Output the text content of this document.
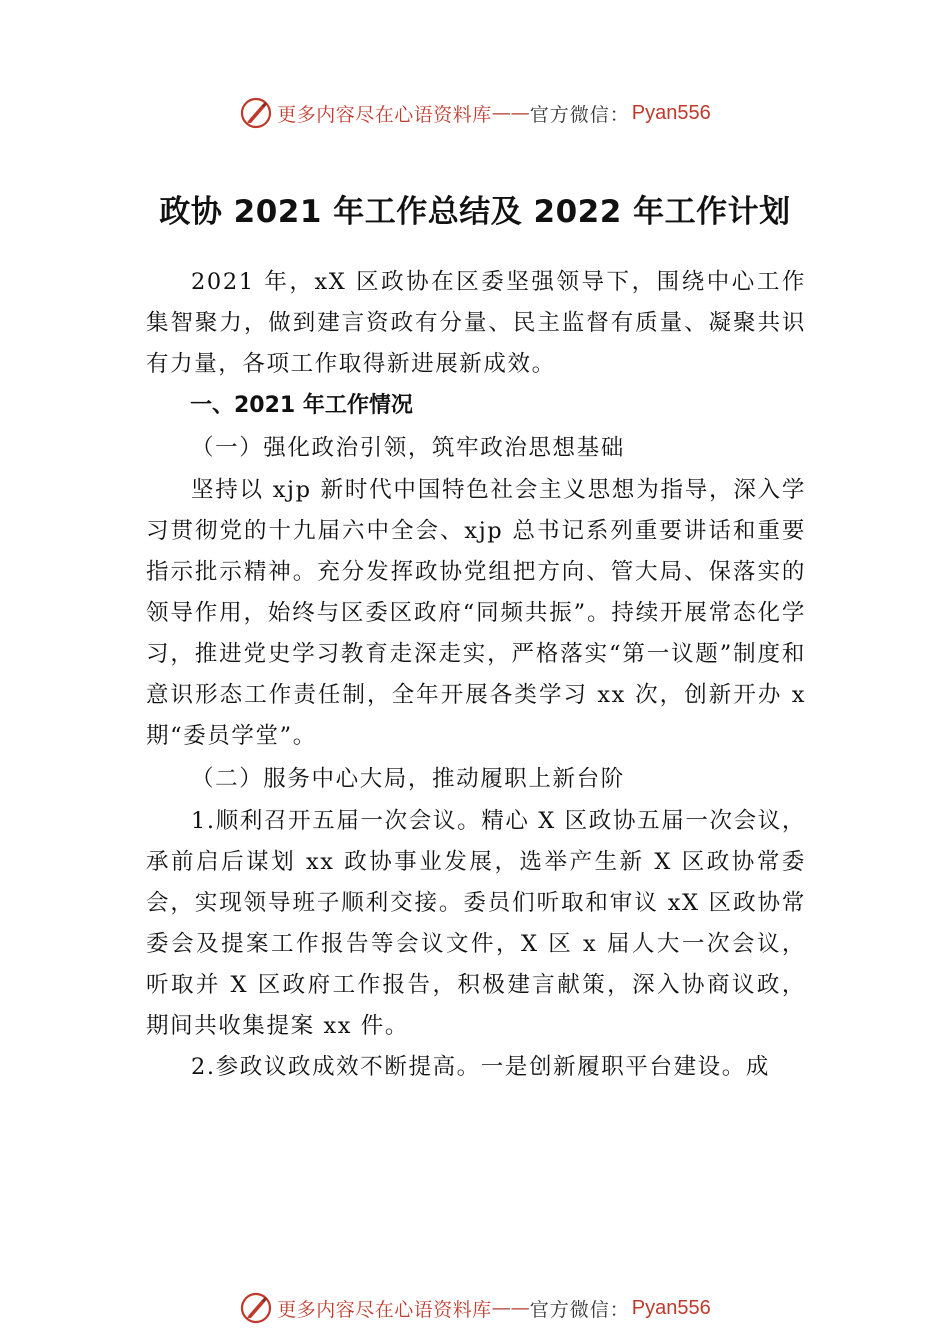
更多内容尽在心语资料库 —— 官方微信： Pyan556
政协 2021 年工作总结及 2022 年工作计划

2021 年，xX 区政协在区委坚强领导下，围绕中心工作集智聚力，做到建言资政有分量、民主监督有质量、凝聚共识有力量，各项工作取得新进展新成效。

一、2021 年工作情况

（一）强化政治引领，筑牢政治思想基础

坚持以 xjp 新时代中国特色社会主义思想为指导，深入学习贯彻党的十九届六中全会、xjp 总书记系列重要讲话和重要指示批示精神。充分发挥政协党组把方向、管大局、保落实的领导作用，始终与区委区政府“同频共振”。持续开展常态化学习，推进党史学习教育走深走实，严格落实“第一议题”制度和意识形态工作责任制，全年开展各类学习 xx 次，创新开办 x 期“委员学堂”。

（二）服务中心大局，推动履职上新台阶

1.顺利召开五届一次会议。精心 X 区政协五届一次会议，承前启后谋划 xx 政协事业发展，选举产生新 X 区政协常委会，实现领导班子顺利交接。委员们听取和审议 xX 区政协常委会及提案工作报告等会议文件，X 区 x 届人大一次会议，听取并 X 区政府工作报告，积极建言献策，深入协商议政，期间共收集提案 xx 件。

2.参政议政成效不断提高。一是创新履职平台建设。成

更多内容尽在心语资料库 —— 官方微信： Pyan556
